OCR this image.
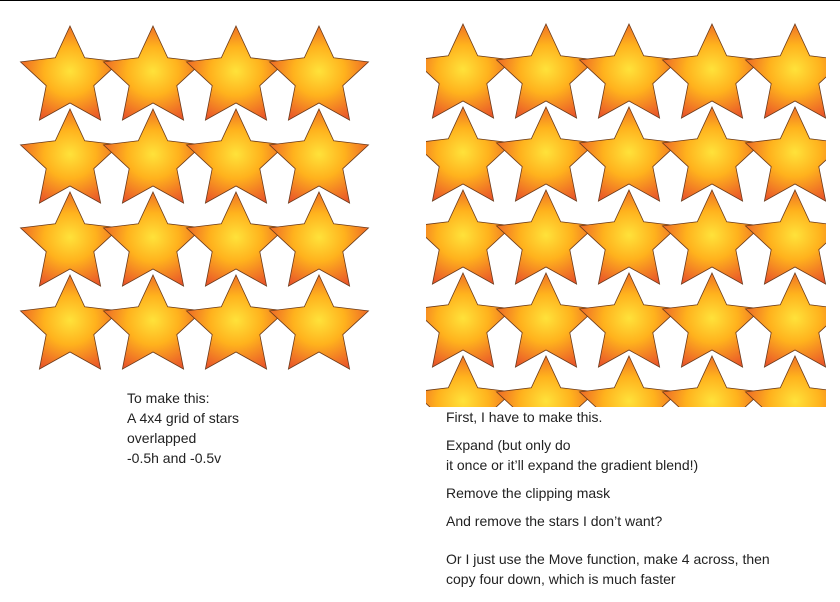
To make this:
A 4x4 grid of stars
overlapped
-0.5h and -0.5v
First, I have to make this.
Expand (but only do
it once or it’ll expand the gradient blend!)
Remove the clipping mask
And remove the stars I don’t want?
Or I just use the Move function, make 4 across, then
copy four down, which is much faster
